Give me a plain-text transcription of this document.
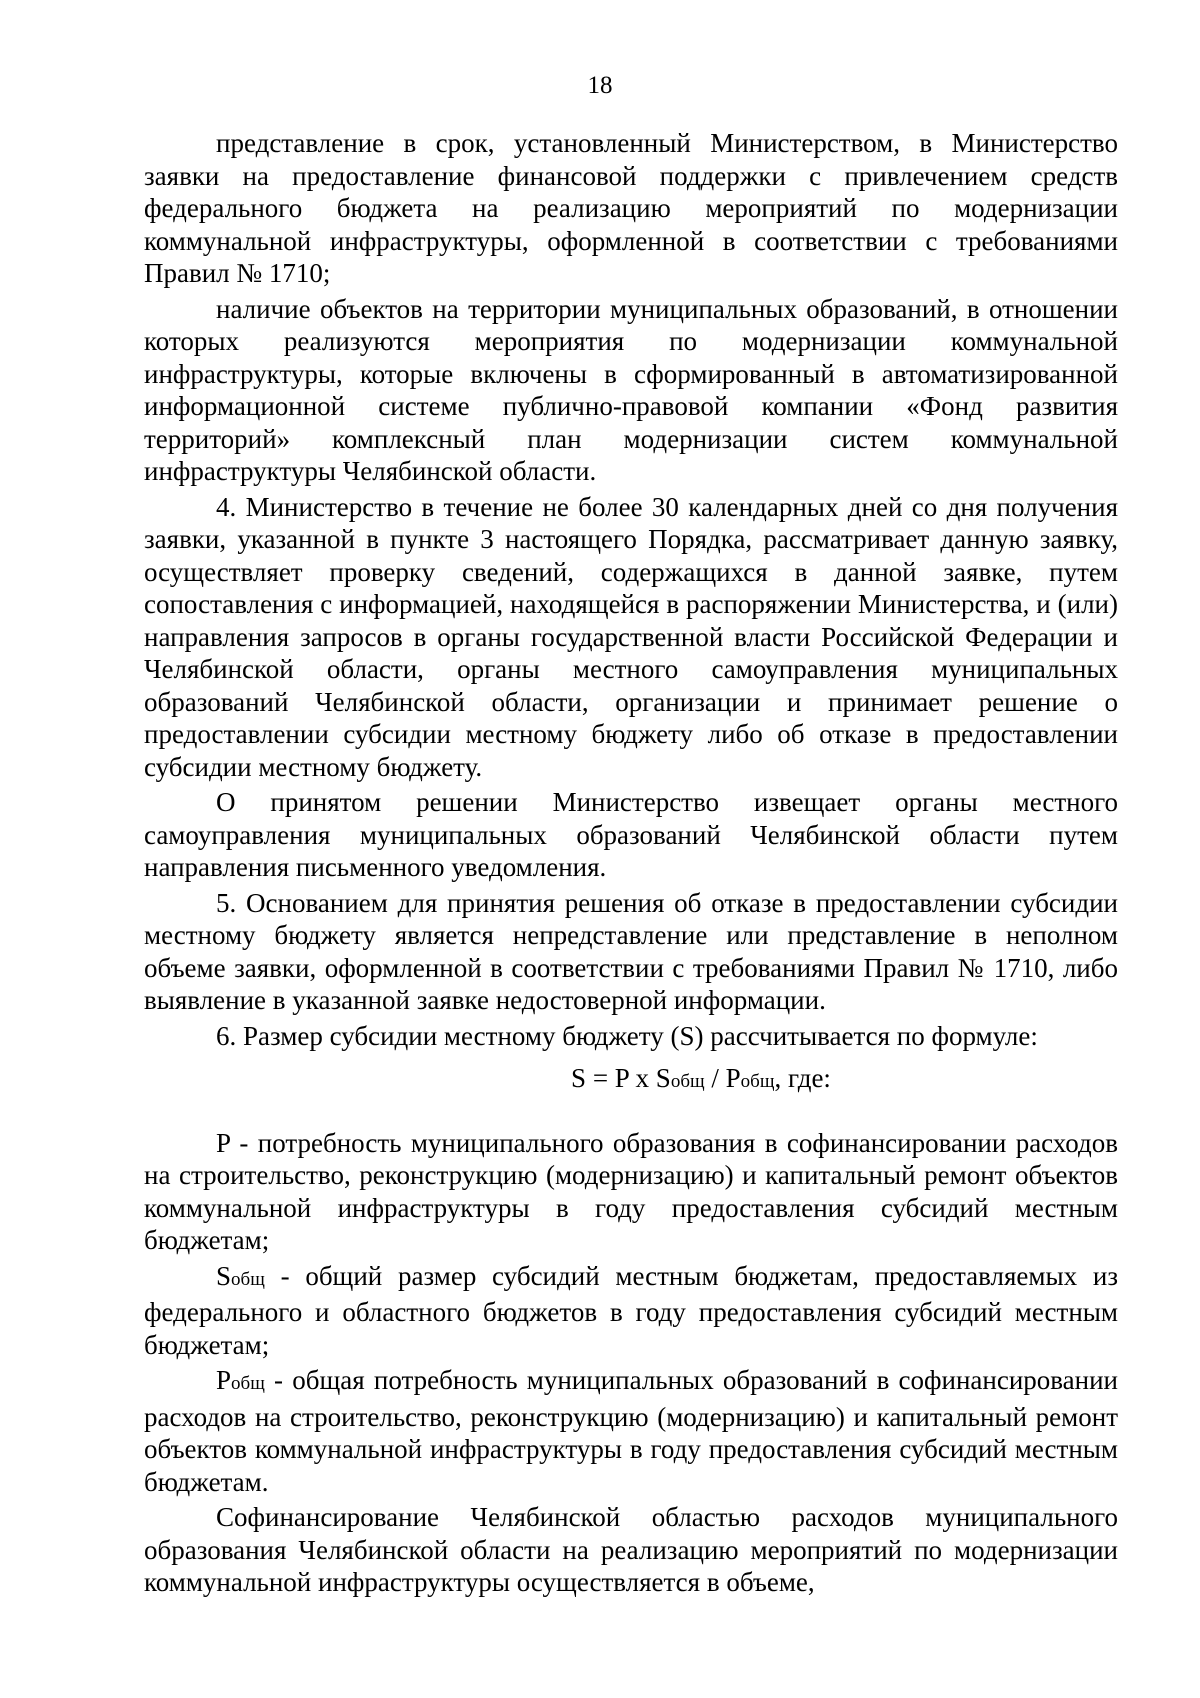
18

представление в срок, установленный Министерством, в Министерство заявки на предоставление финансовой поддержки с привлечением средств федерального бюджета на реализацию мероприятий по модернизации коммунальной инфраструктуры, оформленной в соответствии с требованиями Правил № 1710;

наличие объектов на территории муниципальных образований, в отношении которых реализуются мероприятия по модернизации коммунальной инфраструктуры, которые включены в сформированный в автоматизированной информационной системе публично-правовой компании «Фонд развития территорий» комплексный план модернизации систем коммунальной инфраструктуры Челябинской области.

4. Министерство в течение не более 30 календарных дней со дня получения заявки, указанной в пункте 3 настоящего Порядка, рассматривает данную заявку, осуществляет проверку сведений, содержащихся в данной заявке, путем сопоставления с информацией, находящейся в распоряжении Министерства, и (или) направления запросов в органы государственной власти Российской Федерации и Челябинской области, органы местного самоуправления муниципальных образований Челябинской области, организации и принимает решение о предоставлении субсидии местному бюджету либо об отказе в предоставлении субсидии местному бюджету.

О принятом решении Министерство извещает органы местного самоуправления муниципальных образований Челябинской области путем направления письменного уведомления.

5. Основанием для принятия решения об отказе в предоставлении субсидии местному бюджету является непредставление или представление в неполном объеме заявки, оформленной в соответствии с требованиями Правил № 1710, либо выявление в указанной заявке недостоверной информации.

6. Размер субсидии местному бюджету (S) рассчитывается по формуле:

S = P x Sобщ / Pобщ, где:

P - потребность муниципального образования в софинансировании расходов на строительство, реконструкцию (модернизацию) и капитальный ремонт объектов коммунальной инфраструктуры в году предоставления субсидий местным бюджетам;

Sобщ - общий размер субсидий местным бюджетам, предоставляемых из федерального и областного бюджетов в году предоставления субсидий местным бюджетам;

Pобщ - общая потребность муниципальных образований в софинансировании расходов на строительство, реконструкцию (модернизацию) и капитальный ремонт объектов коммунальной инфраструктуры в году предоставления субсидий местным бюджетам.

Софинансирование Челябинской областью расходов муниципального образования Челябинской области на реализацию мероприятий по модернизации коммунальной инфраструктуры осуществляется в объеме,
